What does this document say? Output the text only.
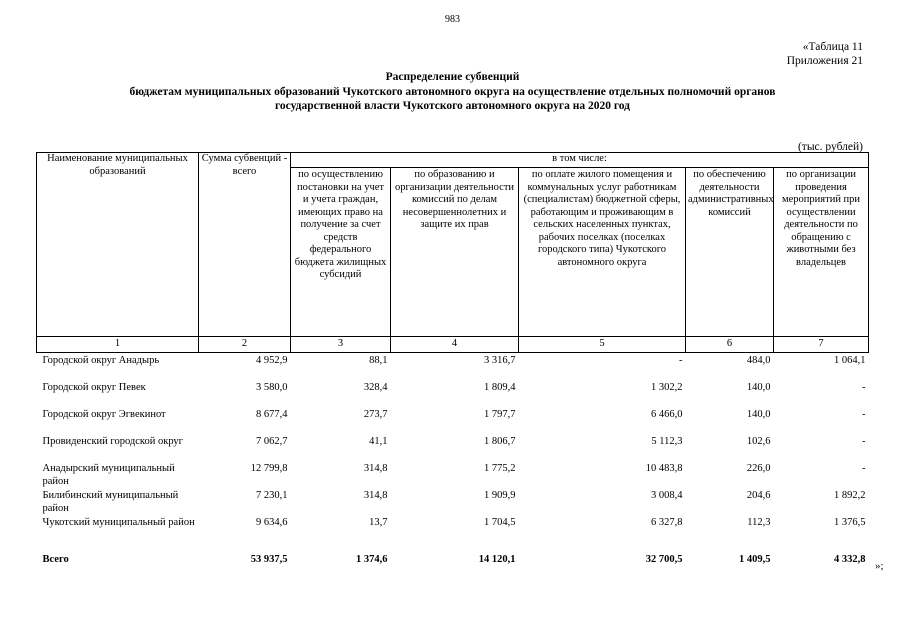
983
«Таблица 11
Приложения 21
Распределение субвенций
бюджетам муниципальных образований Чукотского автономного округа на осуществление отдельных полномочий органов
государственной власти Чукотского автономного округа на 2020 год
(тыс. рублей)
Наименование муниципальных образований	Сумма субвенций - всего	в том числе:				
		по осуществлению постановки на учет и учета граждан, имеющих право на получение за счет средств федерального бюджета жилищных субсидий	по образованию и организации деятельности комиссий по делам несовершеннолетних и защите их прав	по оплате жилого помещения и коммунальных услуг работникам (специалистам) бюджетной сферы, работающим и проживающим в сельских населенных пунктах, рабочих поселках (поселках городского типа) Чукотского автономного округа	по обеспечению деятельности административных комиссий	по организации проведения мероприятий при осуществлении деятельности по обращению с животными без владельцев
1	2	3	4	5	6	7
Городской округ Анадырь	4 952,9	88,1	3 316,7	-	484,0	1 064,1
Городской округ Певек	3 580,0	328,4	1 809,4	1 302,2	140,0	-
Городской округ Эгвекинот	8 677,4	273,7	1 797,7	6 466,0	140,0	-
Провиденский городской округ	7 062,7	41,1	1 806,7	5 112,3	102,6	-
Анадырский муниципальный район	12 799,8	314,8	1 775,2	10 483,8	226,0	-
Билибинский муниципальный район	7 230,1	314,8	1 909,9	3 008,4	204,6	1 892,2
Чукотский муниципальный район	9 634,6	13,7	1 704,5	6 327,8	112,3	1 376,5
Всего	53 937,5	1 374,6	14 120,1	32 700,5	1 409,5	4 332,8
»;
